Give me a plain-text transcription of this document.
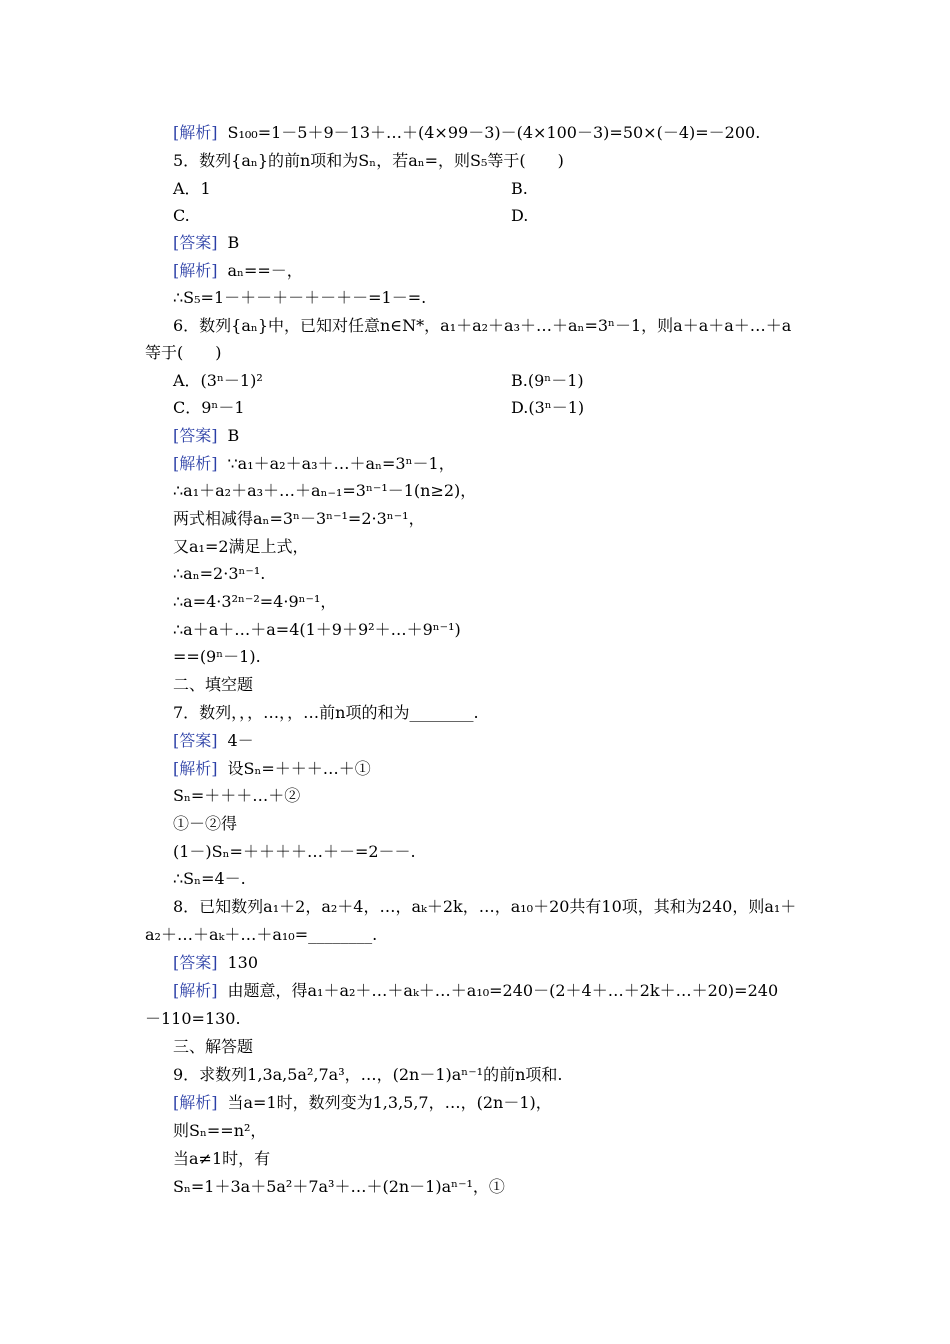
[解析] S₁₀₀=1－5＋9－13＋…＋(4×99－3)－(4×100－3)=50×(－4)=－200.
5．数列{aₙ}的前n项和为Sₙ，若aₙ=，则S₅等于(　　)
A．1	B.
C.	D.
[答案] B
[解析] aₙ==－，
∴S₅=1－＋－＋－＋－＋－=1－=.
6．数列{aₙ}中，已知对任意n∈N*，a₁＋a₂＋a₃＋…＋aₙ=3ⁿ－1，则a＋a＋a＋…＋a
等于(　　)
A．(3ⁿ－1)²	B.(9ⁿ－1)
C．9ⁿ－1	D.(3ⁿ－1)
[答案] B
[解析] ∵a₁＋a₂＋a₃＋…＋aₙ=3ⁿ－1，
∴a₁＋a₂＋a₃＋…＋aₙ₋₁=3ⁿ⁻¹－1(n≥2)，
两式相减得aₙ=3ⁿ－3ⁿ⁻¹=2·3ⁿ⁻¹，
又a₁=2满足上式，
∴aₙ=2·3ⁿ⁻¹.
∴a=4·3²ⁿ⁻²=4·9ⁿ⁻¹，
∴a＋a＋…＋a=4(1＋9＋9²＋…＋9ⁿ⁻¹)
==(9ⁿ－1).
二、填空题
7．数列，，，…，，…前n项的和为________.
[答案] 4－
[解析] 设Sₙ=＋＋＋…＋①
Sₙ=＋＋＋…＋②
①－②得
(1－)Sₙ=＋＋＋＋…＋－=2－－.
∴Sₙ=4－.
8．已知数列a₁＋2，a₂＋4，…，aₖ＋2k，…，a₁₀＋20共有10项，其和为240，则a₁＋
a₂＋…＋aₖ＋…＋a₁₀=________.
[答案] 130
[解析] 由题意，得a₁＋a₂＋…＋aₖ＋…＋a₁₀=240－(2＋4＋…＋2k＋…＋20)=240
－110=130.
三、解答题
9．求数列1,3a,5a²,7a³，…，(2n－1)aⁿ⁻¹的前n项和.
[解析] 当a=1时，数列变为1,3,5,7，…，(2n－1)，
则Sₙ==n²，
当a≠1时，有
Sₙ=1＋3a＋5a²＋7a³＋…＋(2n－1)aⁿ⁻¹，①
